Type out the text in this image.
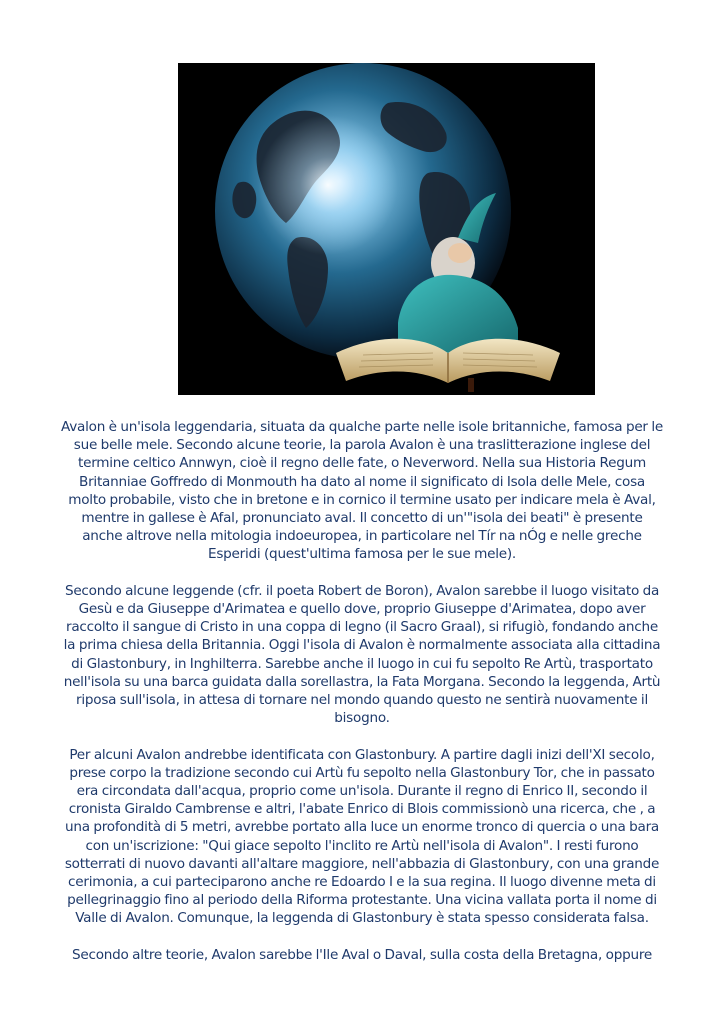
Avalon è un'isola leggendaria, situata da qualche parte nelle isole britanniche, famosa per le sue belle mele. Secondo alcune teorie, la parola Avalon è una traslitterazione inglese del termine celtico Annwyn, cioè il regno delle fate, o Neverword. Nella sua Historia Regum Britanniae Goffredo di Monmouth ha dato al nome il significato di Isola delle Mele, cosa molto probabile, visto che in bretone e in cornico il termine usato per indicare mela è Aval, mentre in gallese è Afal, pronunciato aval. Il concetto di un'"isola dei beati" è presente anche altrove nella mitologia indoeuropea, in particolare nel Tír na nÓg e nelle greche Esperidi (quest'ultima famosa per le sue mele).

Secondo alcune leggende (cfr. il poeta Robert de Boron), Avalon sarebbe il luogo visitato da Gesù e da Giuseppe d'Arimatea e quello dove, proprio Giuseppe d'Arimatea, dopo aver raccolto il sangue di Cristo in una coppa di legno (il Sacro Graal), si rifugiò, fondando anche la prima chiesa della Britannia. Oggi l'isola di Avalon è normalmente associata alla cittadina di Glastonbury, in Inghilterra. Sarebbe anche il luogo in cui fu sepolto Re Artù, trasportato nell'isola su una barca guidata dalla sorellastra, la Fata Morgana. Secondo la leggenda, Artù riposa sull'isola, in attesa di tornare nel mondo quando questo ne sentirà nuovamente il bisogno.

Per alcuni Avalon andrebbe identificata con Glastonbury. A partire dagli inizi dell'XI secolo, prese corpo la tradizione secondo cui Artù fu sepolto nella Glastonbury Tor, che in passato era circondata dall'acqua, proprio come un'isola. Durante il regno di Enrico II, secondo il cronista Giraldo Cambrense e altri, l'abate Enrico di Blois commissionò una ricerca, che , a una profondità di 5 metri, avrebbe portato alla luce un enorme tronco di quercia o una bara con un'iscrizione: "Qui giace sepolto l'inclito re Artù nell'isola di Avalon". I resti furono sotterrati di nuovo davanti all'altare maggiore, nell'abbazia di Glastonbury, con una grande cerimonia, a cui parteciparono anche re Edoardo I e la sua regina. Il luogo divenne meta di pellegrinaggio fino al periodo della Riforma protestante. Una vicina vallata porta il nome di Valle di Avalon. Comunque, la leggenda di Glastonbury è stata spesso considerata falsa.

Secondo altre teorie, Avalon sarebbe l'Ile Aval o Daval, sulla costa della Bretagna, oppure
